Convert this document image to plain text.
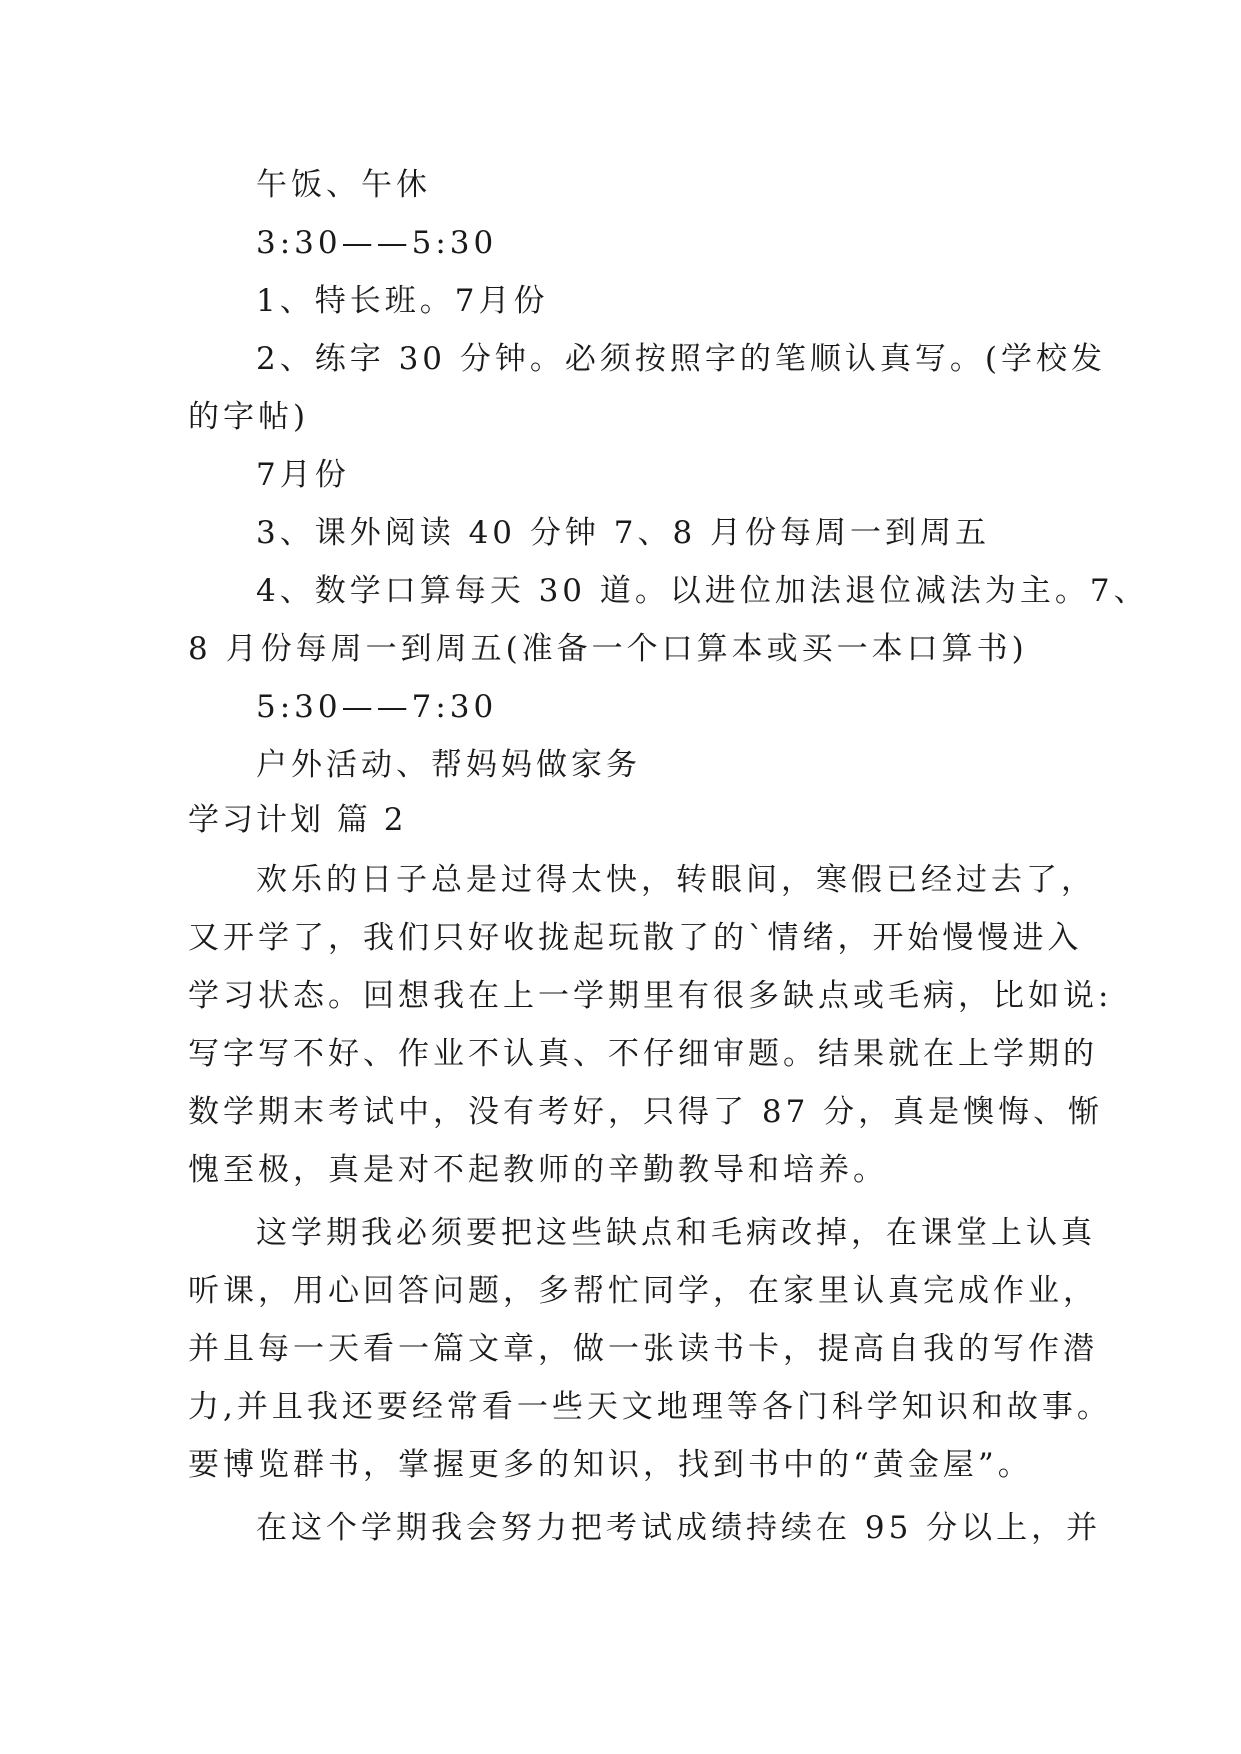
午饭、午休
3:30——5:30
1、特长班。7月份
2、练字 30 分钟。必须按照字的笔顺认真写。(学校发
的字帖)
7月份
3、课外阅读 40 分钟 7、8 月份每周一到周五
4、数学口算每天 30 道。以进位加法退位减法为主。7、
8 月份每周一到周五(准备一个口算本或买一本口算书)
5:30——7:30
户外活动、帮妈妈做家务
学习计划 篇 2
欢乐的日子总是过得太快，转眼间，寒假已经过去了，
又开学了，我们只好收拢起玩散了的`情绪，开始慢慢进入
学习状态。回想我在上一学期里有很多缺点或毛病，比如说:
写字写不好、作业不认真、不仔细审题。结果就在上学期的
数学期末考试中，没有考好，只得了 87 分，真是懊悔、惭
愧至极，真是对不起教师的辛勤教导和培养。
这学期我必须要把这些缺点和毛病改掉，在课堂上认真
听课，用心回答问题，多帮忙同学，在家里认真完成作业，
并且每一天看一篇文章，做一张读书卡，提高自我的写作潜
力,并且我还要经常看一些天文地理等各门科学知识和故事。
要博览群书，掌握更多的知识，找到书中的“黄金屋”。
在这个学期我会努力把考试成绩持续在 95 分以上，并
